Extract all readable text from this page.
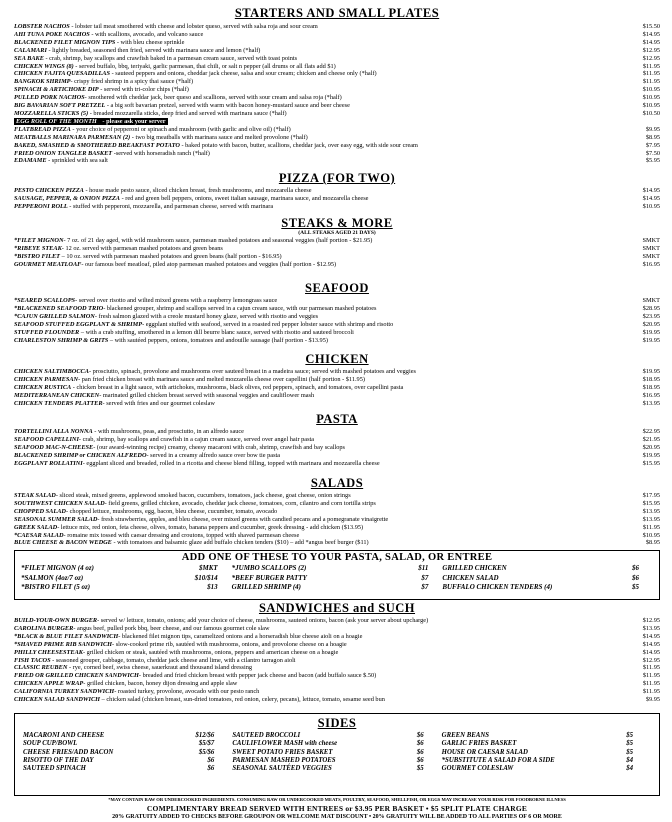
STARTERS AND SMALL PLATES
LOBSTER NACHOS - lobster tail meat smothered with cheese and lobster queso, served with salsa roja and sour cream	$15.50
AHI TUNA POKE NACHOS - with scallions, avocado, and volcano sauce	$14.95
BLACKENED FILET MIGNON TIPS - with bleu cheese sprinkle	$14.95
CALAMARI - lightly breaded, seasoned then fried, served with marinara sauce and lemon (*half)	$12.95
SEA BAKE - crab, shrimp, bay scallops and crawfish baked in a parmesan cream sauce, served with toast points	$12.95
CHICKEN WINGS (8) - served buffalo, bbq, teriyaki, garlic parmesan, thai chili, or salt n pepper (all drums or all flats add $1)	$11.95
CHICKEN FAJITA QUESADILLAS - sauteed peppers and onions, cheddar jack cheese, salsa and sour cream; chicken and cheese only (*half)	$11.95
BANGKOK SHRIMP- crispy fried shrimp in a spicy thai sauce (*half)	$11.95
SPINACH & ARTICHOKE DIP - served with tri-color chips (*half)	$10.95
PULLED PORK NACHOS- smothered with cheddar jack, beer queso and scallions, served with sour cream and salsa roja (*half)	$10.95
BIG BAVARIAN SOFT PRETZEL - a big soft bavarian pretzel, served with warm with bacon honey-mustard sauce and beer cheese	$10.95
MOZZARELLA STICKS (5) - breaded mozzarella sticks, deep fried and served with marinara sauce (*half)	$10.50
EGG ROLL OF THE MONTH - please ask your server
FLATBREAD PIZZA - your choice of pepperoni or spinach and mushroom (with garlic and olive oil) (*half)	$9.95
MEATBALLS MARINARA PARMESAN (2) - two big meatballs with marinara sauce and melted provolone (*half)	$8.95
BAKED, SMASHED & SMOTHERED BREAKFAST POTATO - baked potato with bacon, butter, scallions, cheddar jack, over easy egg, with side sour cream	$7.95
FRIED ONION TANGLER BASKET -served with horseradish ranch (*half)	$7.50
EDAMAME - sprinkled with sea salt	$5.95
PIZZA (FOR TWO)
PESTO CHICKEN PIZZA - house made pesto sauce, sliced chicken breast, fresh mushrooms, and mozzarella cheese	$14.95
SAUSAGE, PEPPER, & ONION PIZZA - red and green bell peppers, onions, sweet italian sausage, marinara sauce, and mozzarella cheese	$14.95
PEPPERONI ROLL - stuffed with pepperoni, mozzarella, and parmesan cheese, served with marinara	$10.95
STEAKS & MORE
(ALL STEAKS AGED 21 DAYS)
*FILET MIGNON- 7 oz. of 21 day aged, with wild mushroom sauce, parmesan mashed potatoes and seasonal veggies (half portion - $21.95)	SMKT
*RIBEYE STEAK- 12 oz. served with parmesan mashed potatoes and green beans	SMKT
*BISTRO FILET – 10 oz. served with parmesan mashed potatoes and green beans (half portion - $16.95)	SMKT
GOURMET MEATLOAF- our famous beef meatloaf, piled atop parmesan mashed potatoes and veggies (half portion - $12.95)	$16.95
SEAFOOD
*SEARED SCALLOPS- served over risotto and wilted mixed greens with a raspberry lemongrass sauce	SMKT
*BLACKENED SEAFOOD TRIO- blackened grouper, shrimp and scallops served in a cajun cream sauce, with our parmesan mashed potatoes	$28.95
*CAJUN GRILLED SALMON- fresh salmon glazed with a creole mustard honey glaze, served with risotto and veggies	$23.95
SEAFOOD STUFFED EGGPLANT & SHRIMP- eggplant stuffed with seafood, served in a roasted red pepper lobster sauce with shrimp and risotto	$20.95
STUFFED FLOUNDER – with a crab stuffing, smothered in a lemon dill beurre blanc sauce, served with risotto and sauteed broccoli	$19.95
CHARLESTON SHRIMP & GRITS – with sautéed peppers, onions, tomatoes and andouille sausage (half portion - $13.95)	$19.95
CHICKEN
CHICKEN SALTIMBOCCA- prosciutto, spinach, provolone and mushrooms over sauteed breast in a madeira sauce; served with mashed potatoes and veggies	$19.95
CHICKEN PARMESAN- pan fried chicken breast with marinara sauce and melted mozzarella cheese over capellini (half portion - $11.95)	$18.95
CHICKEN RUSTICA - chicken breast in a light sauce, with artichokes, mushrooms, black olives, red peppers, spinach, and tomatoes, over capellini pasta	$18.95
MEDITERRANEAN CHICKEN- marinated grilled chicken breast served with seasonal veggies and cauliflower mash	$16.95
CHICKEN TENDERS PLATTER- served with fries and our gourmet coleslaw	$13.95
PASTA
TORTELLINI ALLA NONNA - with mushrooms, peas, and prosciutto, in an alfredo sauce	$22.95
SEAFOOD CAPELLINI- crab, shrimp, bay scallops and crawfish in a cajun cream sauce, served over angel hair pasta	$21.95
SEAFOOD MAC-N-CHEESE- (our award-winning recipe) creamy, cheesy macaroni with crab, shrimp, crawfish and bay scallops	$20.95
BLACKENED SHRIMP or CHICKEN ALFREDO- served in a creamy alfredo sauce over bow tie pasta	$19.95
EGGPLANT ROLLATINI- eggplant sliced and breaded, rolled in a ricotta and cheese blend filling, topped with marinara and mozzarella cheese	$15.95
SALADS
STEAK SALAD- sliced steak, mixed greens, applewood smoked bacon, cucumbers, tomatoes, jack cheese, goat cheese, onion strings	$17.95
SOUTHWEST CHICKEN SALAD- field greens, grilled chicken, avocado, cheddar jack cheese, tomatoes, corn, cilantro and corn tortilla strips	$15.95
CHOPPED SALAD- chopped lettuce, mushrooms, egg, bacon, bleu cheese, cucumber, tomato, avocado	$13.95
SEASONAL SUMMER SALAD- fresh strawberries, apples, and bleu cheese, over mixed greens with candied pecans and a pomegranate vinaigrette	$13.95
GREEK SALAD- lettuce mix, red onion, feta cheese, olives, tomato, banana peppers and cucumber, greek dressing - add chicken ($13.95)	$11.95
*CAESAR SALAD- romaine mix tossed with caesar dressing and croutons, topped with shaved parmesan cheese	$10.95
BLUE CHEESE & BACON WEDGE - with tomatoes and balsamic glaze add buffalo chicken tenders ($10) – add *angus beef burger ($11)	$8.95
ADD ONE OF THESE TO YOUR PASTA, SALAD, OR ENTREE
*FILET MIGNON (4 oz)	$MKT *JUMBO SCALLOPS (2)	$11 GRILLED CHICKEN	$6
*SALMON (4oz/7 oz)	$10/$14 *BEEF BURGER PATTY	$7 CHICKEN SALAD	$6
*BISTRO FILET (5 oz)	$13 GRILLED SHRIMP (4)	$7 BUFFALO CHICKEN TENDERS (4)	$5
SANDWICHES and SUCH
BUILD-YOUR-OWN BURGER- served w/ lettuce, tomato, onions; add your choice of cheese, mushrooms, sauteed onions, bacon (ask your server about upcharge)	$12.95
CAROLINA BURGER- angus beef, pulled pork bbq, beer cheese, and our famous gourmet cole slaw	$13.95
*BLACK & BLUE FILET SANDWICH- blackened filet mignon tips, caramelized onions and a horseradish blue cheese aioli on a hoagie	$14.95
*SHAVED PRIME RIB SANDWICH- slow-cooked prime rib, sautéed with mushrooms, onions, and provolone cheese on a hoagie	$14.95
PHILLY CHEESESTEAK- grilled chicken or steak, sautéed with mushrooms, onions, peppers and american cheese on a hoagie	$14.95
FISH TACOS - seasoned grouper, cabbage, tomato, cheddar jack cheese and lime, with a cilantro tarragon aioli	$12.95
CLASSIC REUBEN - rye, corned beef, swiss cheese, sauerkraut and thousand island dressing	$11.95
FRIED OR GRILLED CHICKEN SANDWICH- breaded and fried chicken breast with pepper jack cheese and bacon (add buffalo sauce $.50)	$11.95
CHICKEN APPLE WRAP- grilled chicken, bacon, honey dijon dressing and apple slaw	$11.95
CALIFORNIA TURKEY SANDWICH- roasted turkey, provolone, avocado with our pesto ranch	$11.95
CHICKEN SALAD SANDWICH – chicken salad (chicken breast, sun-dried tomatoes, red onion, celery, pecans), lettuce, tomato, sesame seed bun	$9.95
SIDES
MACARONI AND CHEESE	$12/$6	SAUTEED BROCCOLI	$6	GREEN BEANS	$5
SOUP CUP/BOWL	$5/$7	CAULIFLOWER MASH with cheese	$6	GARLIC FRIES BASKET	$5
CHEESE FRIES/ADD BACON	$5/$6	SWEET POTATO FRIES BASKET	$6	HOUSE OR CAESAR SALAD	$5
RISOTTO OF THE DAY	$6	PARMESAN MASHED POTATOES	$6	*SUBSTITUTE A SALAD FOR A SIDE	$4
SAUTEED SPINACH	$6	SEASONAL SAUTÉED VEGGIES	$5	GOURMET COLESLAW	$4
*MAY CONTAIN RAW OR UNDERCOOKED INGREDIENTS. CONSUMING RAW OR UNDERCOOKED MEATS, POULTRY, SEAFOOD, SHELLFISH, OR EGGS MAY INCREASE YOUR RISK FOR FOODBORNE ILLNESS
COMPLIMENTARY BREAD SERVED WITH ENTREES or $3.95 PER BASKET • $5 SPLIT PLATE CHARGE
20% GRATUITY ADDED TO CHECKS BEFORE GROUPON OR WELCOME MAT DISCOUNT • 20% GRATUITY WILL BE ADDED TO ALL PARTIES OF 6 OR MORE
